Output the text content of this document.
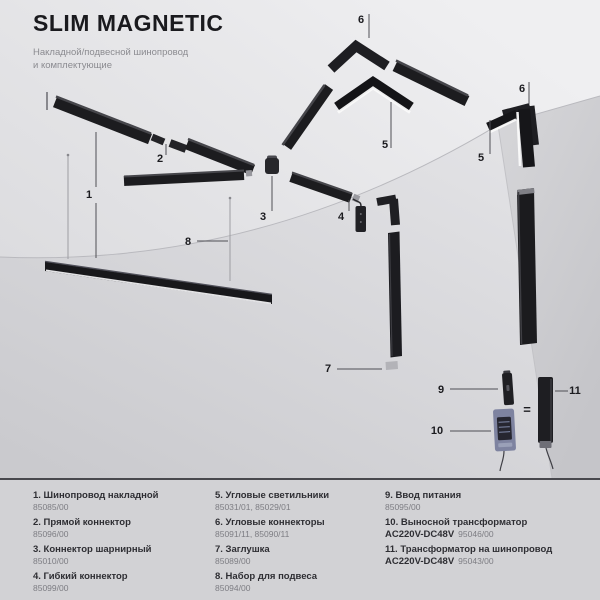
1
2
3	4
5
5
6
6
7
8
9
10
11
=
SLIM MAGNETIC
Накладной/подвесной шинопровод
и комплектующие
1. Шинопровод накладной
85085/00
2. Прямой коннектор
85096/00
3. Коннектор шарнирный
85010/00
4. Гибкий коннектор
85099/00
5. Угловые светильники
85031/01, 85029/01
6. Угловые коннекторы
85091/11, 85090/11
7. Заглушка
85089/00
8. Набор для подвеса
85094/00
9. Ввод питания
85095/00
10. Выносной трансформатор
AC220V-DC48V 95046/00
11. Трансформатор на шинопровод
AC220V-DC48V 95043/00
